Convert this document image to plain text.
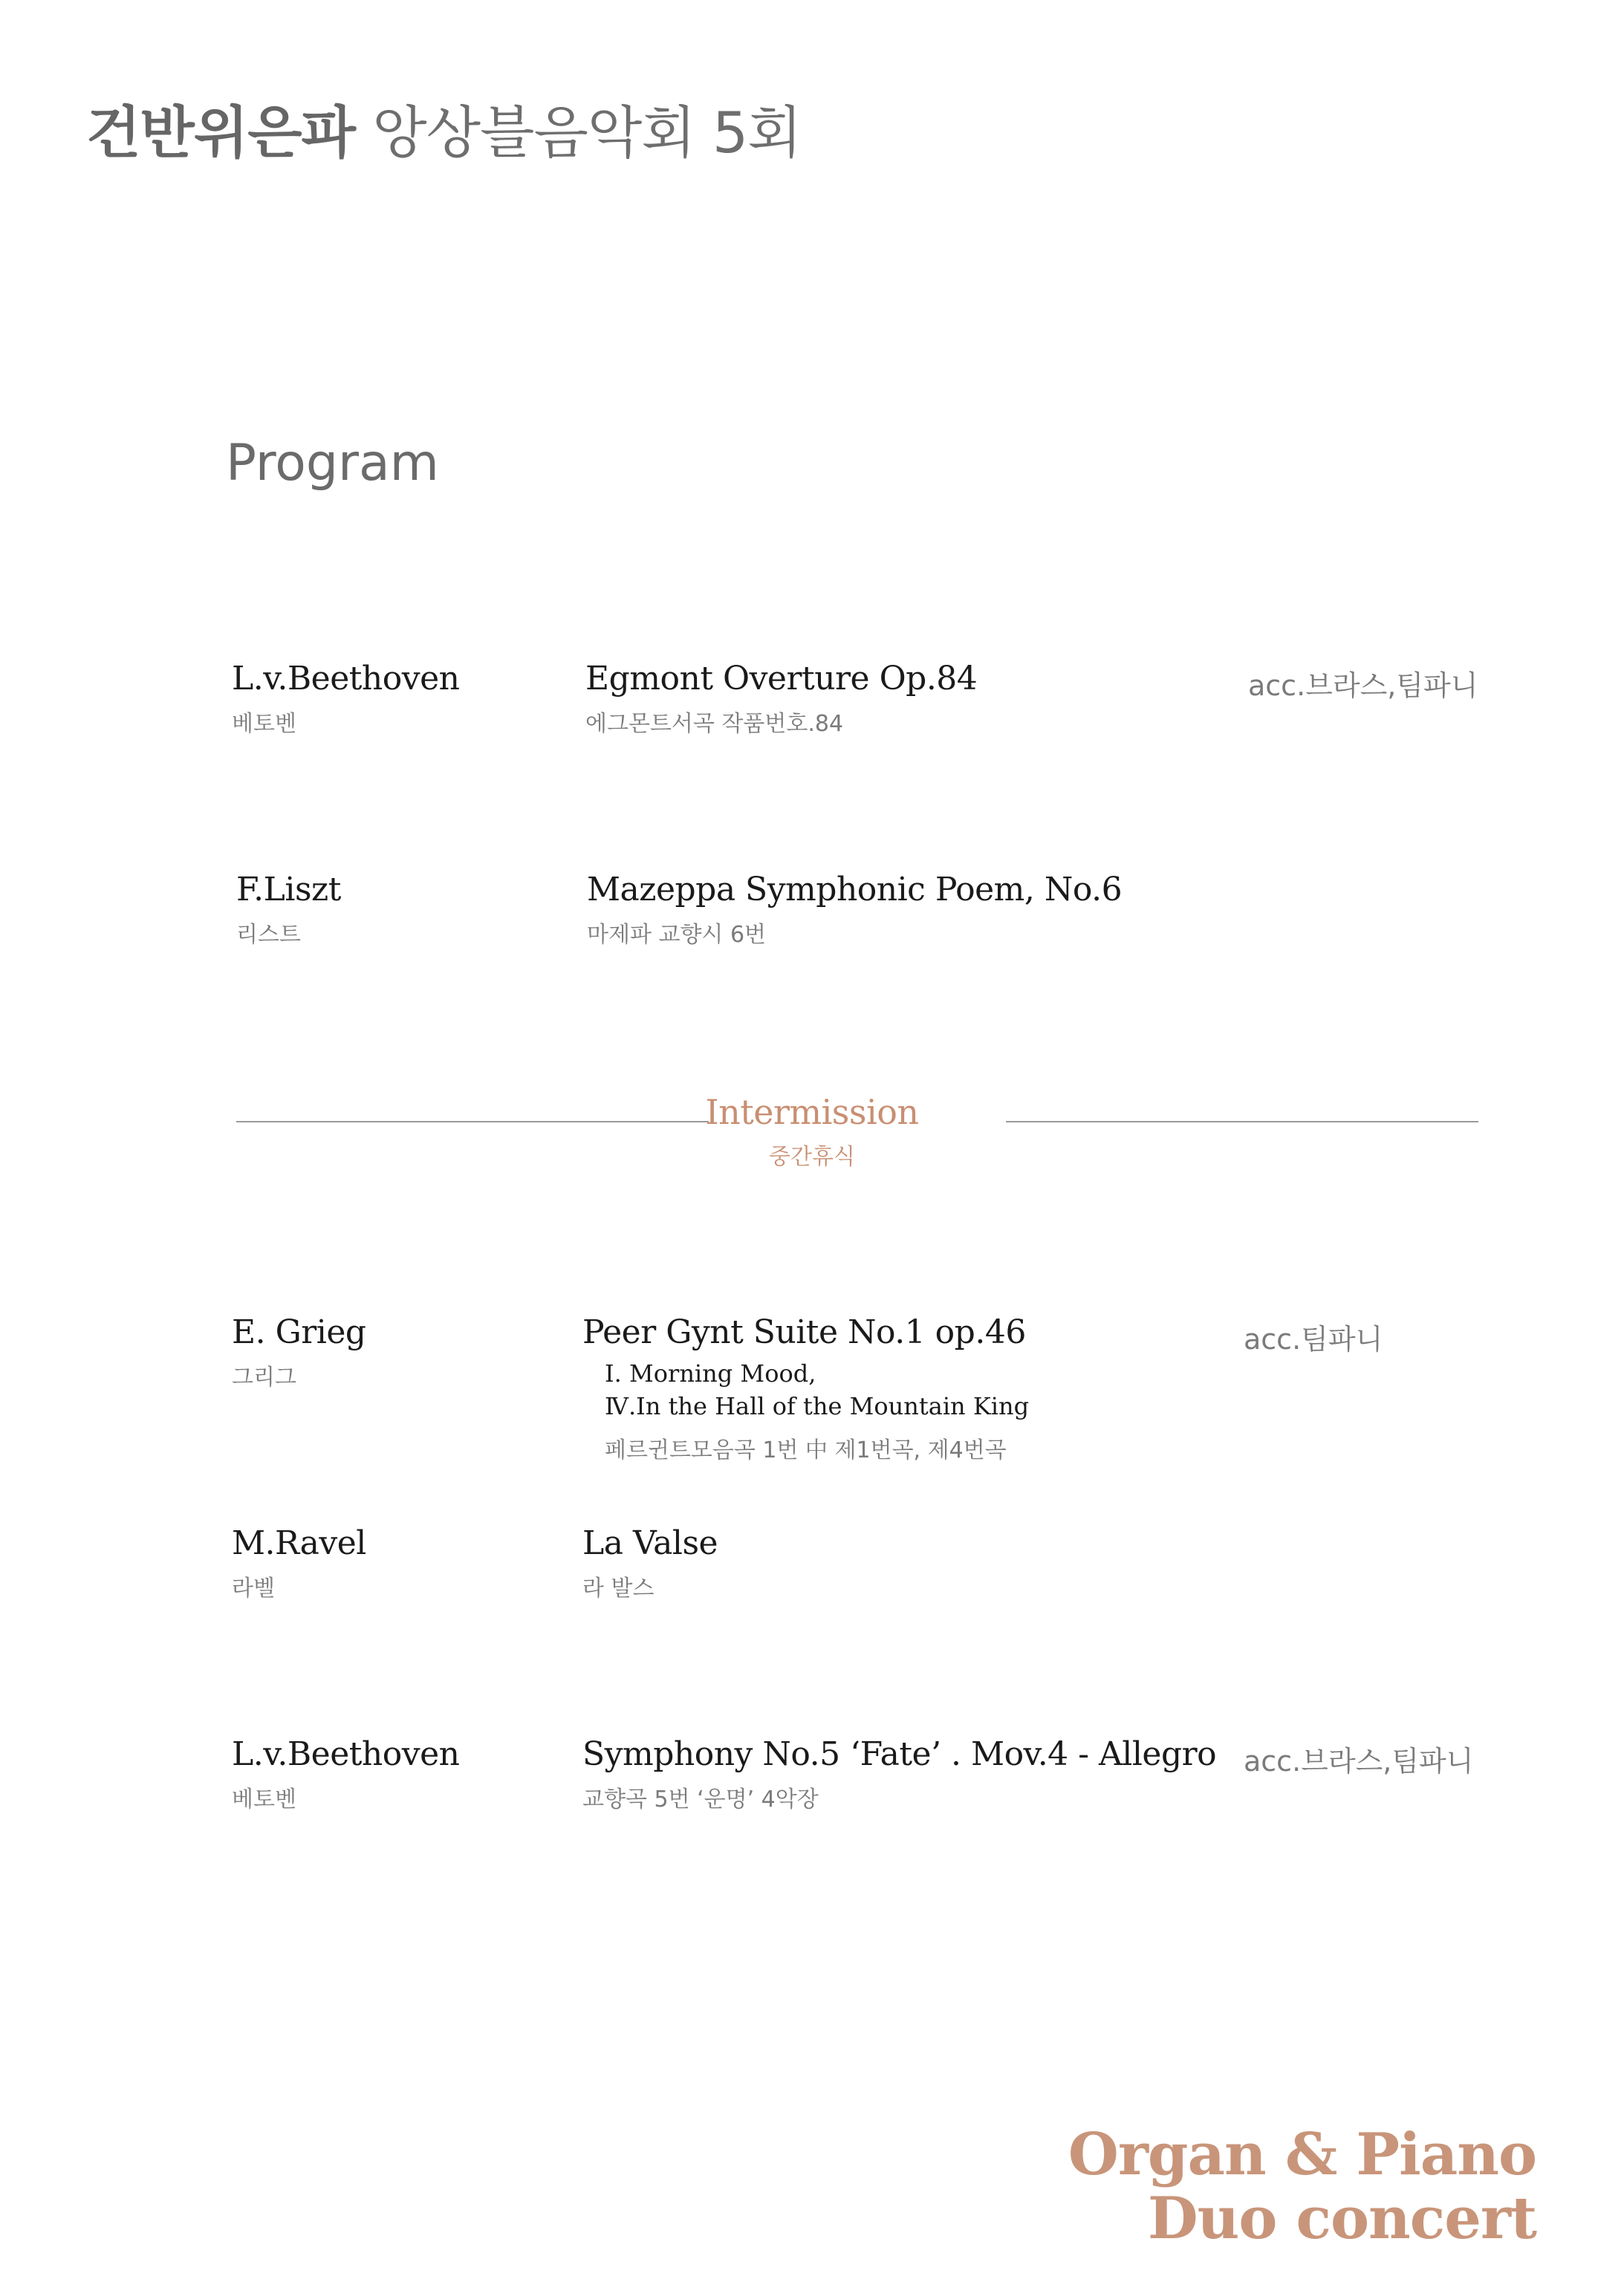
건반위은파 앙상블음악회 5회
Program
L.v.Beethoven
베토벤
Egmont Overture Op.84
에그몬트서곡 작품번호.84
acc.브라스,팀파니
F.Liszt
리스트
Mazeppa Symphonic Poem, No.6
마제파 교향시 6번
Intermission
중간휴식
E. Grieg
그리그
Peer Gynt Suite No.1 op.46
I. Morning Mood,
Ⅳ.In the Hall of the Mountain King
페르귄트모음곡 1번 中 제1번곡, 제4번곡
acc.팀파니
M.Ravel
라벨
La Valse
라 발스
L.v.Beethoven
베토벤
Symphony No.5 ‘Fate’ . Mov.4 - Allegro
교향곡 5번 ‘운명’ 4악장
acc.브라스,팀파니
Organ & Piano
Duo concert
